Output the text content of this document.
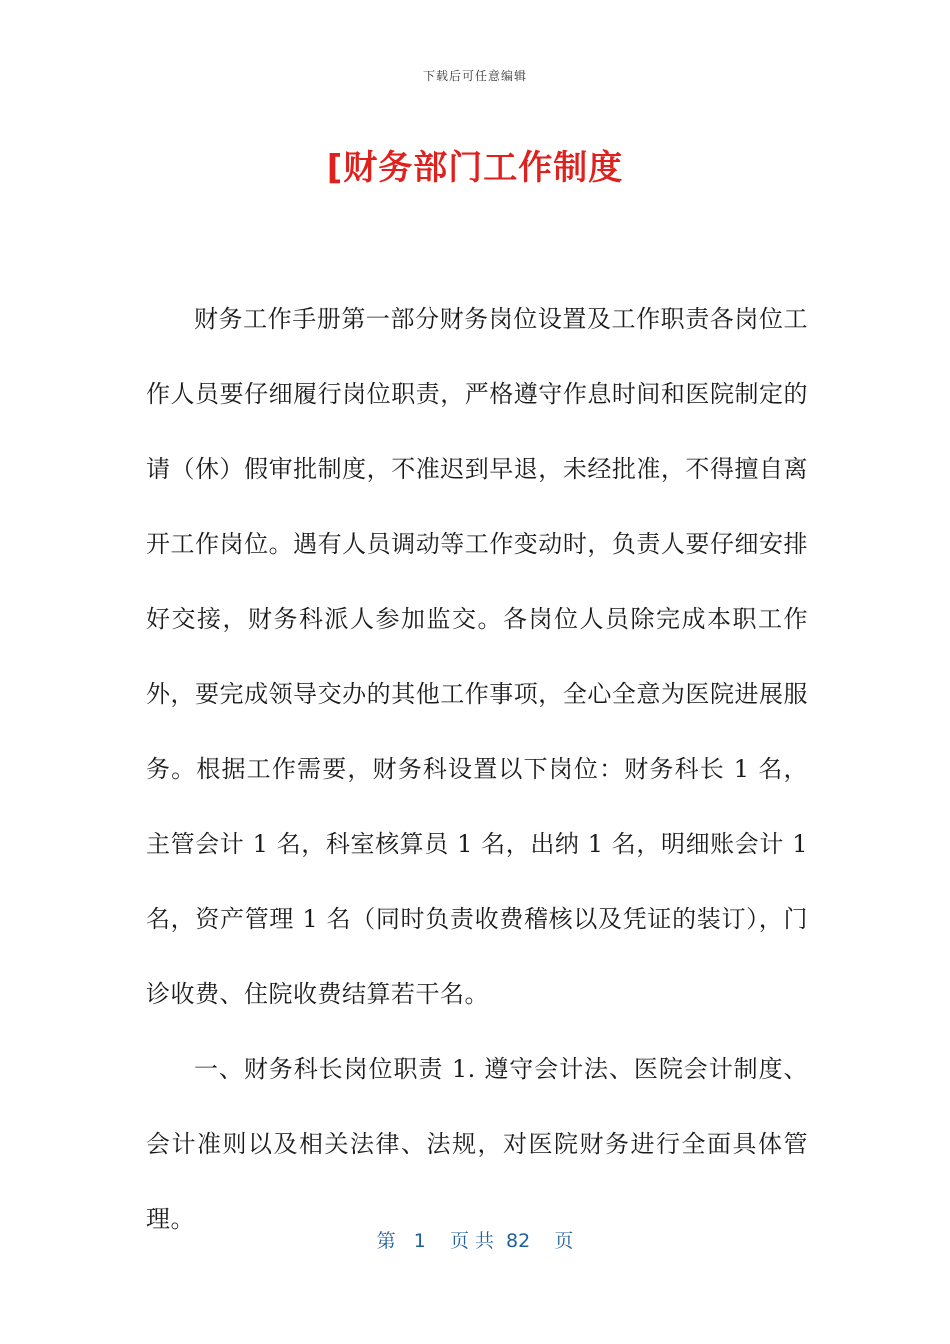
下载后可任意编辑
[财务部门工作制度

财务工作手册第一部分财务岗位设置及工作职责各岗位工作人员要仔细履行岗位职责，严格遵守作息时间和医院制定的请（休）假审批制度，不准迟到早退，未经批准，不得擅自离开工作岗位。遇有人员调动等工作变动时，负责人要仔细安排好交接，财务科派人参加监交。各岗位人员除完成本职工作外，要完成领导交办的其他工作事项，全心全意为医院进展服务。根据工作需要，财务科设置以下岗位：财务科长 1 名，主管会计 1 名，科室核算员 1 名，出纳 1 名，明细账会计 1 名，资产管理 1 名（同时负责收费稽核以及凭证的装订），门诊收费、住院收费结算若干名。

一、财务科长岗位职责 1. 遵守会计法、医院会计制度、会计准则以及相关法律、法规，对医院财务进行全面具体管理。

第   1    页 共  82    页
